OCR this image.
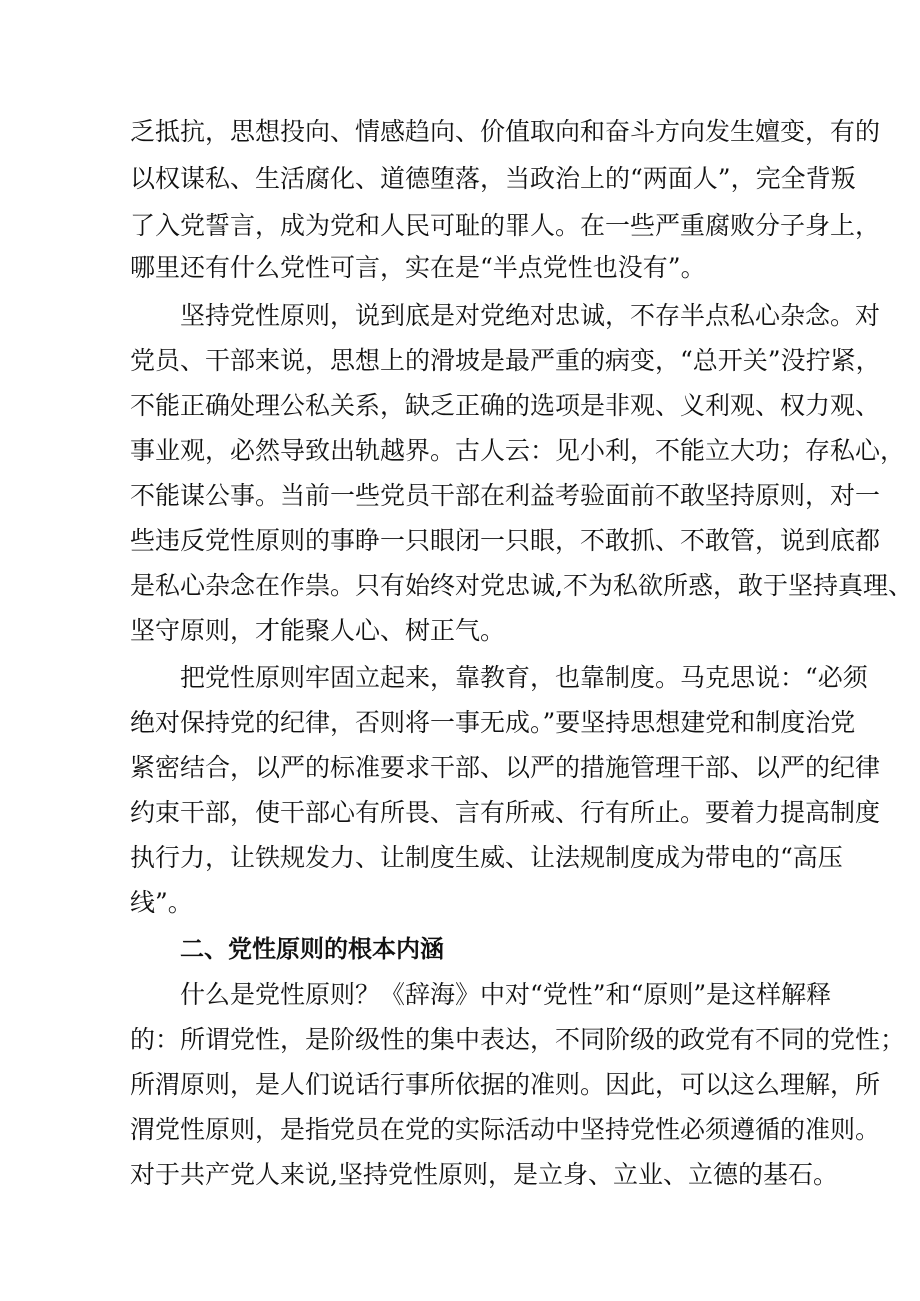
乏抵抗，思想投向、情感趋向、价值取向和奋斗方向发生嬗变，有的
以权谋私、生活腐化、道德堕落，当政治上的“两面人”，完全背叛
了入党誓言，成为党和人民可耻的罪人。在一些严重腐败分子身上，
哪里还有什么党性可言，实在是“半点党性也没有”。
坚持党性原则，说到底是对党绝对忠诚，不存半点私心杂念。对
党员、干部来说，思想上的滑坡是最严重的病变，“总开关”没拧紧，
不能正确处理公私关系，缺乏正确的选项是非观、义利观、权力观、
事业观，必然导致出轨越界。古人云：见小利，不能立大功；存私心，
不能谋公事。当前一些党员干部在利益考验面前不敢坚持原则，对一
些违反党性原则的事睁一只眼闭一只眼，不敢抓、不敢管，说到底都
是私心杂念在作祟。只有始终对党忠诚,不为私欲所惑，敢于坚持真理、
坚守原则，才能聚人心、树正气。
把党性原则牢固立起来，靠教育，也靠制度。马克思说：“必须
绝对保持党的纪律，否则将一事无成。”要坚持思想建党和制度治党
紧密结合，以严的标准要求干部、以严的措施管理干部、以严的纪律
约束干部，使干部心有所畏、言有所戒、行有所止。要着力提高制度
执行力，让铁规发力、让制度生威、让法规制度成为带电的“高压
线”。
二、党性原则的根本内涵
什么是党性原则？《辞海》中对“党性”和“原则”是这样解释
的：所谓党性，是阶级性的集中表达，不同阶级的政党有不同的党性；
所渭原则，是人们说话行事所依据的准则。因此，可以这么理解，所
渭党性原则，是指党员在党的实际活动中坚持党性必须遵循的准则。
对于共产党人来说,坚持党性原则，是立身、立业、立德的基石。
